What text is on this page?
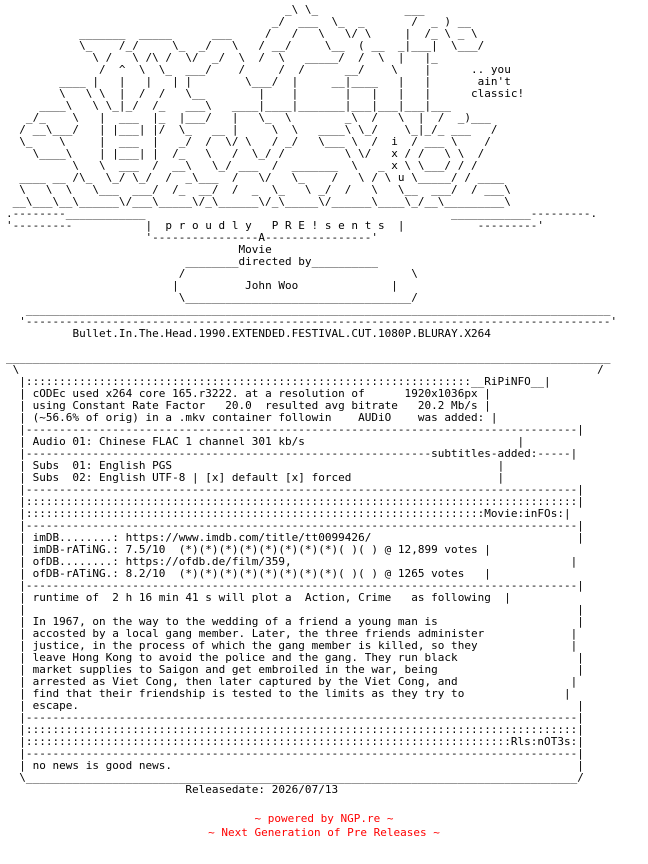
_\ \_             ___
_/  ___  \_  _       /  _ ) __
_______  _____      ___     /   /   \   \/ \     |  /_ \ _ \
\_    /_/     \_  _/   \   / __/     \__  ( __  _|___|  \___/
\ /   \ /\ /  \/  _/  \  /  \   _____/  /  \  |   |_
/  ^  \  \_  ___/    /     /  /      __/    \    |      .. you
____ |   |   |   | |        \___/  |     __|____   |   |       ain't
\   \ \  |  /  /   \__        |    |       |   |   |   |      classic!
____\   \ \_|_/  /_   ___\   ____|____|_______|___|___|___|___
_/_    \   |  ___  |_  |___/   |   \_  \        _\  /   \  |  /  _)___
/ __\___/   | |___| |/  \_   __ |     \  \   ____\ \_/    \_|_/_ ___   /
\_    \     |  ___  |   _/  /  \/ \   / _/   \___ \  /  i  / ___ \    /
\____\    | |___| |  /_   \   /  \_/ /         \ \/   x / /   \ \  /
\   \  ___  /  __\   \_/ ___  /  _______  \   _ x \ \___/ / /
____ __ /\_  \_/ \_/  /  _\___  /   \/   \_    /   \ / \ u \_____/ / ____
\   \  \   \___  ___/  /_  __/  /  _  \_   \ _/  /   \   \__  ___/  / ___\
__\___\__\______\/___\_____\/_\______\/_\_____\/______\____\_/__\_________\
.--------____________                                              ____________---------.
'---------           |  p r o u d l y   P R E ! s e n t s  |           ---------'
'----------------A----------------'
Movie
________directed by__________
/                                  \
|	John Woo	|
\__________________________________/
________________________________________________________________________________________
'----------------------------------------------------------------------------------------'
Bullet.In.The.Head.1990.EXTENDED.FESTIVAL.CUT.1080P.BLURAY.X264

___________________________________________________________________________________________
\                                                                                       /
|:::::::::::::::::::::::::::::::::::::::::::::::::::::::::::::::::::__RiPiNFO__|
| cODEc used x264 core 165.r3222. at a resolution of      1920x1036px |
| using Constant Rate Factor   20.0  resulted avg bitrate   20.2 Mb/s |
| (~56.6% of orig) in a .mkv container followin    AUDiO    was added: |
|-----------------------------------------------------------------------------------|
| Audio 01: Chinese FLAC 1 channel 301 kb/s	|
|-------------------------------------------------------------subtitles-added:-----|
| Subs  01: English PGS	|
| Subs  02: English UTF-8 | [x] default [x] forced	|
|-----------------------------------------------------------------------------------|
|:::::::::::::::::::::::::::::::::::::::::::::::::::::::::::::::::::::::::::::::::::|
|:::::::::::::::::::::::::::::::::::::::::::::::::::::::::::::::::::::Movie:inFOs:|
|-----------------------------------------------------------------------------------|
| imDB........: https://www.imdb.com/title/tt0099426/	|
| imDB-rATiNG.: 7.5/10  (*)(*)(*)(*)(*)(*)(*)(*)( )( ) @ 12,899 votes |
| ofDB........: https://ofdb.de/film/359,	|
| ofDB-rATiNG.: 8.2/10  (*)(*)(*)(*)(*)(*)(*)(*)( )( ) @ 1265 votes   |
|-----------------------------------------------------------------------------------|
| runtime of  2 h 16 min 41 s will plot a  Action, Crime   as following  |
|                                                                                   |
| In 1967, on the way to the wedding of a friend a young man is	|
| accosted by a local gang member. Later, the three friends administer	|
| justice, in the process of which the gang member is killed, so they	|
| leave Hong Kong to avoid the police and the gang. They run black	|
| market supplies to Saigon and get embroiled in the war, being	|
| arrested as Viet Cong, then later captured by the Viet Cong, and	|
| find that their friendship is tested to the limits as they try to	|
| escape.	|
|-----------------------------------------------------------------------------------|
|:::::::::::::::::::::::::::::::::::::::::::::::::::::::::::::::::::::::::::::::::::|
|:::::::::::::::::::::::::::::::::::::::::::::::::::::::::::::::::::::::::Rls:nOT3s:|
|-----------------------------------------------------------------------------------|
| no news is good news.	|
\___________________________________________________________________________________/
Releasedate: 2026/07/13
~ powered by NGP.re ~
~ Next Generation of Pre Releases ~
